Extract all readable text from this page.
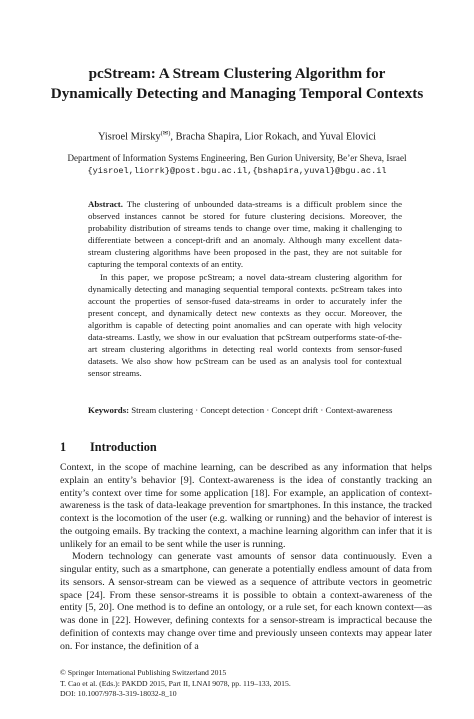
pcStream: A Stream Clustering Algorithm for
Dynamically Detecting and Managing Temporal Contexts
Yisroel Mirsky(✉), Bracha Shapira, Lior Rokach, and Yuval Elovici
Department of Information Systems Engineering, Ben Gurion University, Be’er Sheva, Israel
{yisroel,liorrk}@post.bgu.ac.il,{bshapira,yuval}@bgu.ac.il

Abstract. The clustering of unbounded data-streams is a difficult problem since the observed instances cannot be stored for future clustering decisions. Moreover, the probability distribution of streams tends to change over time, making it challenging to differentiate between a concept-drift and an anomaly. Although many excellent data-stream clustering algorithms have been proposed in the past, they are not suitable for capturing the temporal contexts of an entity.

In this paper, we propose pcStream; a novel data-stream clustering algorithm for dynamically detecting and managing sequential temporal contexts. pcStream takes into account the properties of sensor-fused data-streams in order to accurately infer the present concept, and dynamically detect new contexts as they occur. Moreover, the algorithm is capable of detecting point anomalies and can operate with high velocity data-streams. Lastly, we show in our evaluation that pcStream outperforms state-of-the-art stream clustering algorithms in detecting real world contexts from sensor-fused datasets. We also show how pcStream can be used as an analysis tool for contextual sensor streams.

Keywords: Stream clustering · Concept detection · Concept drift · Context-awareness
1 Introduction

Context, in the scope of machine learning, can be described as any information that helps explain an entity’s behavior [9]. Context-awareness is the idea of constantly tracking an entity’s context over time for some application [18]. For example, an application of context-awareness is the task of data-leakage prevention for smartphones. In this instance, the tracked context is the locomotion of the user (e.g. walking or running) and the behavior of interest is the outgoing emails. By tracking the context, a machine learning algorithm can infer that it is unlikely for an email to be sent while the user is running.

Modern technology can generate vast amounts of sensor data continuously. Even a singular entity, such as a smartphone, can generate a potentially endless amount of data from its sensors. A sensor-stream can be viewed as a sequence of attribute vectors in geometric space [24]. From these sensor-streams it is possible to obtain a context-awareness of the entity [5, 20]. One method is to define an ontology, or a rule set, for each known context—as was done in [22]. However, defining contexts for a sensor-stream is impractical because the definition of contexts may change over time and previously unseen contexts may appear later on. For instance, the definition of a

© Springer International Publishing Switzerland 2015
T. Cao et al. (Eds.): PAKDD 2015, Part II, LNAI 9078, pp. 119–133, 2015.
DOI: 10.1007/978-3-319-18032-8_10
